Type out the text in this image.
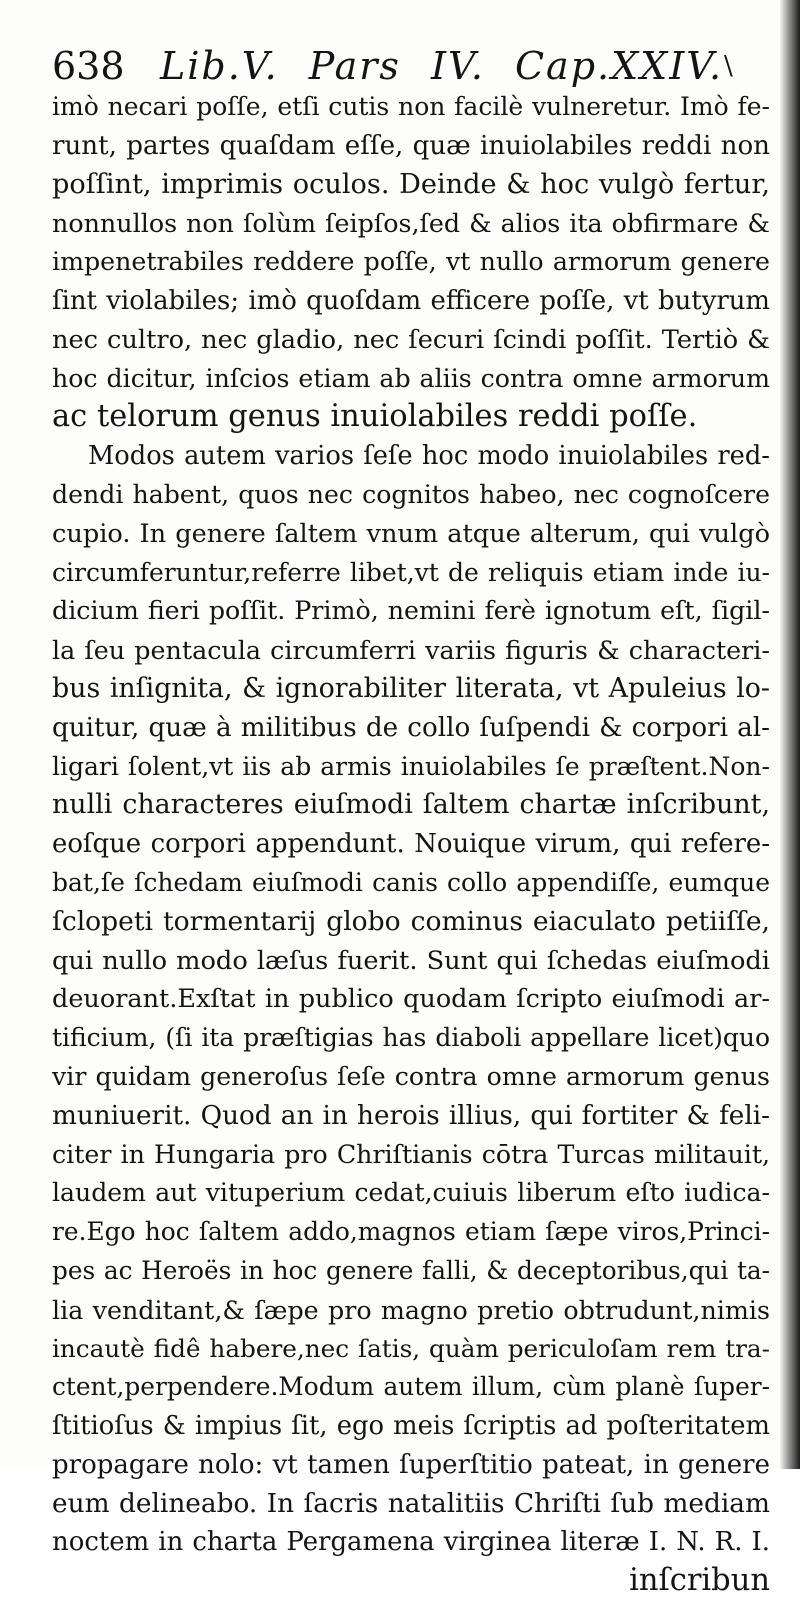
638 Lib.V. Pars IV. Cap.XXIV. \
imò necari poſſe, etſi cutis non facilè vulneretur. Imò fe-
runt, partes quaſdam eſſe, quæ inuiolabiles reddi non
poſſint, imprimis oculos. Deinde & hoc vulgò fertur,
nonnullos non ſolùm ſeipſos,ſed & alios ita obfirmare &
impenetrabiles reddere poſſe, vt nullo armorum genere
ſint violabiles; imò quoſdam efficere poſſe, vt butyrum
nec cultro, nec gladio, nec ſecuri ſcindi poſſit. Tertiò &
hoc dicitur, inſcios etiam ab aliis contra omne armorum
ac telorum genus inuiolabiles reddi poſſe.
Modos autem varios ſeſe hoc modo inuiolabiles red-
dendi habent, quos nec cognitos habeo, nec cognoſcere
cupio. In genere ſaltem vnum atque alterum, qui vulgò
circumferuntur,referre libet,vt de reliquis etiam inde iu-
dicium fieri poſſit. Primò, nemini ferè ignotum eſt, ſigil-
la ſeu pentacula circumferri variis figuris & characteri-
bus inſignita, & ignorabiliter literata, vt Apuleius lo-
quitur, quæ à militibus de collo ſuſpendi & corpori al-
ligari ſolent,vt iis ab armis inuiolabiles ſe præſtent.Non-
nulli characteres eiuſmodi ſaltem chartæ inſcribunt,
eoſque corpori appendunt. Nouique virum, qui refere-
bat,ſe ſchedam eiuſmodi canis collo appendiſſe, eumque
ſclopeti tormentarij globo cominus eiaculato petiiſſe,
qui nullo modo læſus fuerit. Sunt qui ſchedas eiuſmodi
deuorant.Exſtat in publico quodam ſcripto eiuſmodi ar-
tificium, (ſi ita præſtigias has diaboli appellare licet)quo
vir quidam generoſus ſeſe contra omne armorum genus
muniuerit. Quod an in herois illius, qui fortiter & feli-
citer in Hungaria pro Chriſtianis cōtra Turcas militauit,
laudem aut vituperium cedat,cuiuis liberum eſto iudica-
re.Ego hoc ſaltem addo,magnos etiam ſæpe viros,Princi-
pes ac Heroës in hoc genere falli, & deceptoribus,qui ta-
lia venditant,& ſæpe pro magno pretio obtrudunt,nimis
incautè fidê habere,nec ſatis, quàm periculoſam rem tra-
ctent,perpendere.Modum autem illum, cùm planè ſuper-
ſtitioſus & impius ſit, ego meis ſcriptis ad poſteritatem
propagare nolo: vt tamen ſuperſtitio pateat, in genere
eum delineabo. In ſacris natalitiis Chriſti ſub mediam
noctem in charta Pergamena virginea literæ I. N. R. I.
inſcribun
